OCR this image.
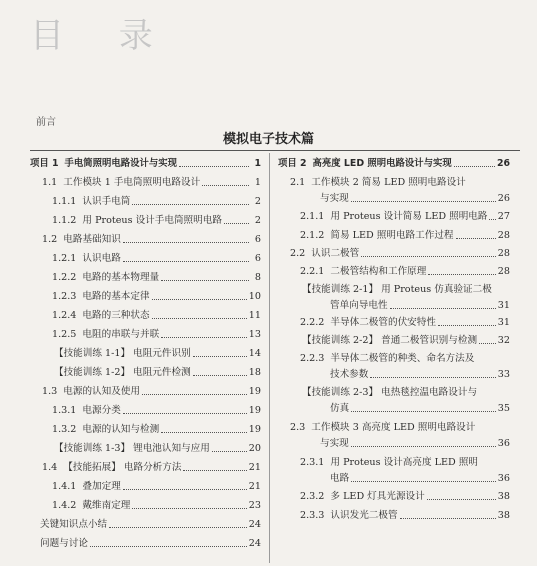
目 录
前言
模拟电子技术篇
项目 1 手电筒照明电路设计与实现	1
1.1 工作模块 1 手电筒照明电路设计	1
1.1.1 认识手电筒	2
1.1.2 用 Proteus 设计手电筒照明电路	2
1.2 电路基础知识	6
1.2.1 认识电路	6
1.2.2 电路的基本物理量	8
1.2.3 电路的基本定律	10
1.2.4 电路的三种状态	11
1.2.5 电阻的串联与并联	13
【技能训练 1-1】 电阻元件识别	14
【技能训练 1-2】 电阻元件检测	18
1.3 电源的认知及使用	19
1.3.1 电源分类	19
1.3.2 电源的认知与检测	19
【技能训练 1-3】 锂电池认知与应用	20
1.4 【技能拓展】 电路分析方法	21
1.4.1 叠加定理	21
1.4.2 戴维南定理	23
关键知识点小结	24
问题与讨论	24
项目 2 高亮度 LED 照明电路设计与实现	26
2.1 工作模块 2 简易 LED 照明电路设计
与实现	26
2.1.1 用 Proteus 设计简易 LED 照明电路 27
2.1.2 简易 LED 照明电路工作过程	28
2.2 认识二极管	28
2.2.1 二极管结构和工作原理	28
【技能训练 2-1】 用 Proteus 仿真验证二极
管单向导电性	31
2.2.2 半导体二极管的伏安特性	31
【技能训练 2-2】 普通二极管识别与检测 32
2.2.3 半导体二极管的种类、命名方法及
技术参数	33
【技能训练 2-3】 电热毯控温电路设计与
仿真	35
2.3 工作模块 3 高亮度 LED 照明电路设计
与实现	36
2.3.1 用 Proteus 设计高亮度 LED 照明
电路	36
2.3.2 多 LED 灯具光源设计	38
2.3.3 认识发光二极管	38
